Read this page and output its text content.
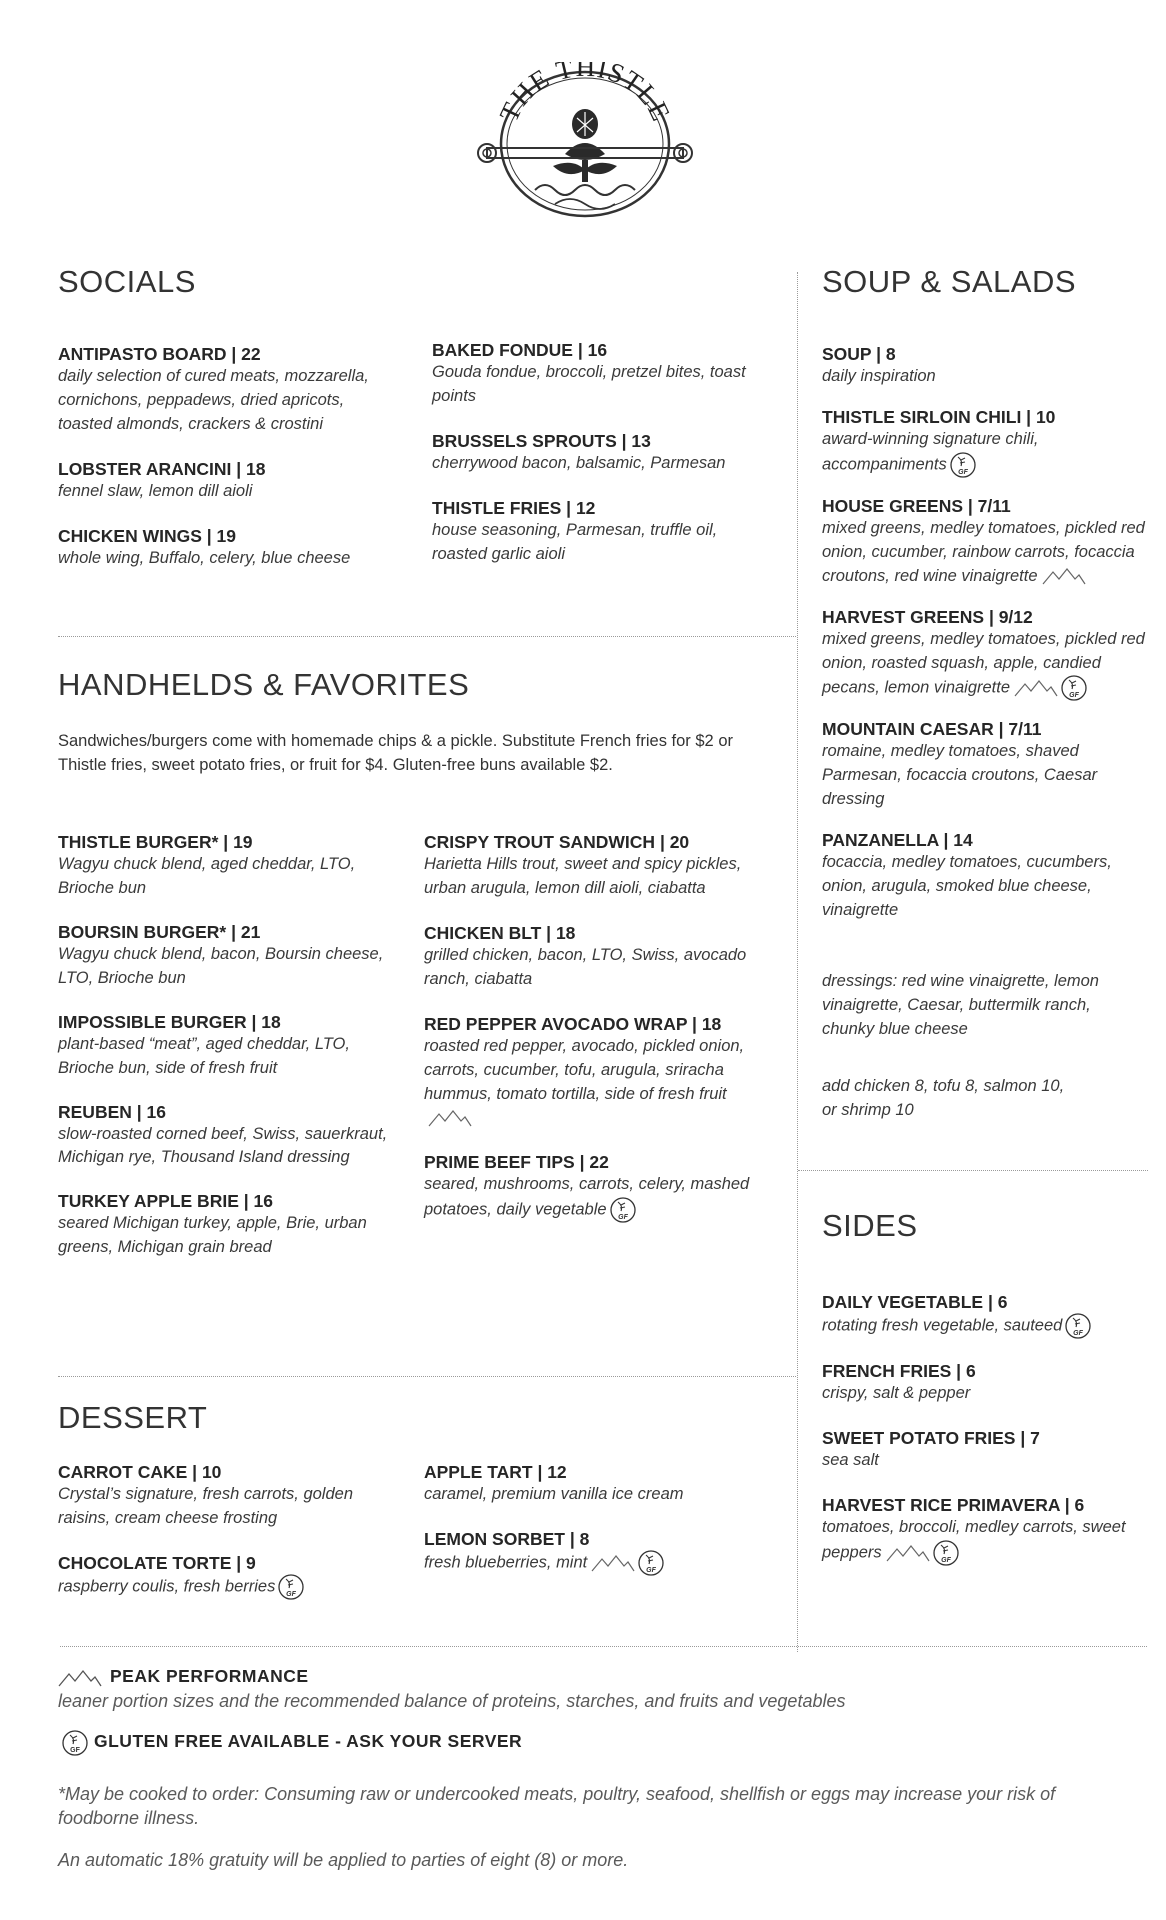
THE THISTLE
SOCIALS
ANTIPASTO BOARD | 22
daily selection of cured meats, mozzarella, cornichons, peppadews, dried apricots, toasted almonds, crackers & crostini
LOBSTER ARANCINI | 18
fennel slaw, lemon dill aioli
CHICKEN WINGS | 19
whole wing, Buffalo, celery, blue cheese
BAKED FONDUE | 16
Gouda fondue, broccoli, pretzel bites, toast points
BRUSSELS SPROUTS | 13
cherrywood bacon, balsamic, Parmesan
THISTLE FRIES | 12
house seasoning, Parmesan, truffle oil, roasted garlic aioli
HANDHELDS & FAVORITES
Sandwiches/burgers come with homemade chips & a pickle. Substitute French fries for $2 or Thistle fries, sweet potato fries, or fruit for $4. Gluten-free buns available $2.
THISTLE BURGER* | 19
Wagyu chuck blend, aged cheddar, LTO, Brioche bun
BOURSIN BURGER* | 21
Wagyu chuck blend, bacon, Boursin cheese, LTO, Brioche bun
IMPOSSIBLE BURGER | 18
plant-based “meat”, aged cheddar, LTO, Brioche bun, side of fresh fruit
REUBEN | 16
slow-roasted corned beef, Swiss, sauerkraut, Michigan rye, Thousand Island dressing
TURKEY APPLE BRIE | 16
seared Michigan turkey, apple, Brie, urban greens, Michigan grain bread
CRISPY TROUT SANDWICH | 20
Harietta Hills trout, sweet and spicy pickles, urban arugula, lemon dill aioli, ciabatta
CHICKEN BLT | 18
grilled chicken, bacon, LTO, Swiss, avocado ranch, ciabatta
RED PEPPER AVOCADO WRAP | 18
roasted red pepper, avocado, pickled onion, carrots, cucumber, tofu, arugula, sriracha hummus, tomato tortilla, side of fresh fruit
PRIME BEEF TIPS | 22
seared, mushrooms, carrots, celery, mashed potatoes, daily vegetable GF
DESSERT
CARROT CAKE | 10
Crystal’s signature, fresh carrots, golden raisins, cream cheese frosting
CHOCOLATE TORTE | 9
raspberry coulis, fresh berries GF
APPLE TART | 12
caramel, premium vanilla ice cream
LEMON SORBET | 8
fresh blueberries, mint	GF
SOUP & SALADS
SOUP | 8
daily inspiration
THISTLE SIRLOIN CHILI | 10
award-winning signature chili, accompaniments GF
HOUSE GREENS | 7/11
mixed greens, medley tomatoes, pickled red onion, cucumber, rainbow carrots, focaccia croutons, red wine vinaigrette
HARVEST GREENS | 9/12
mixed greens, medley tomatoes, pickled red onion, roasted squash, apple, candied pecans, lemon vinaigrette	GF
MOUNTAIN CAESAR | 7/11
romaine, medley tomatoes, shaved Parmesan, focaccia croutons, Caesar dressing
PANZANELLA | 14
focaccia, medley tomatoes, cucumbers, onion, arugula, smoked blue cheese, vinaigrette
dressings: red wine vinaigrette, lemon vinaigrette, Caesar, buttermilk ranch, chunky blue cheese
add chicken 8, tofu 8, salmon 10,
or shrimp 10
SIDES
DAILY VEGETABLE | 6
rotating fresh vegetable, sauteed GF
FRENCH FRIES | 6
crispy, salt & pepper
SWEET POTATO FRIES | 7
sea salt
HARVEST RICE PRIMAVERA | 6
tomatoes, broccoli, medley carrots, sweet peppers	GF
PEAK PERFORMANCE
leaner portion sizes and the recommended balance of proteins, starches, and fruits and vegetables
GF GLUTEN FREE AVAILABLE - ASK YOUR SERVER
*May be cooked to order: Consuming raw or undercooked meats, poultry, seafood, shellfish or eggs may increase your risk of foodborne illness.
An automatic 18% gratuity will be applied to parties of eight (8) or more.
